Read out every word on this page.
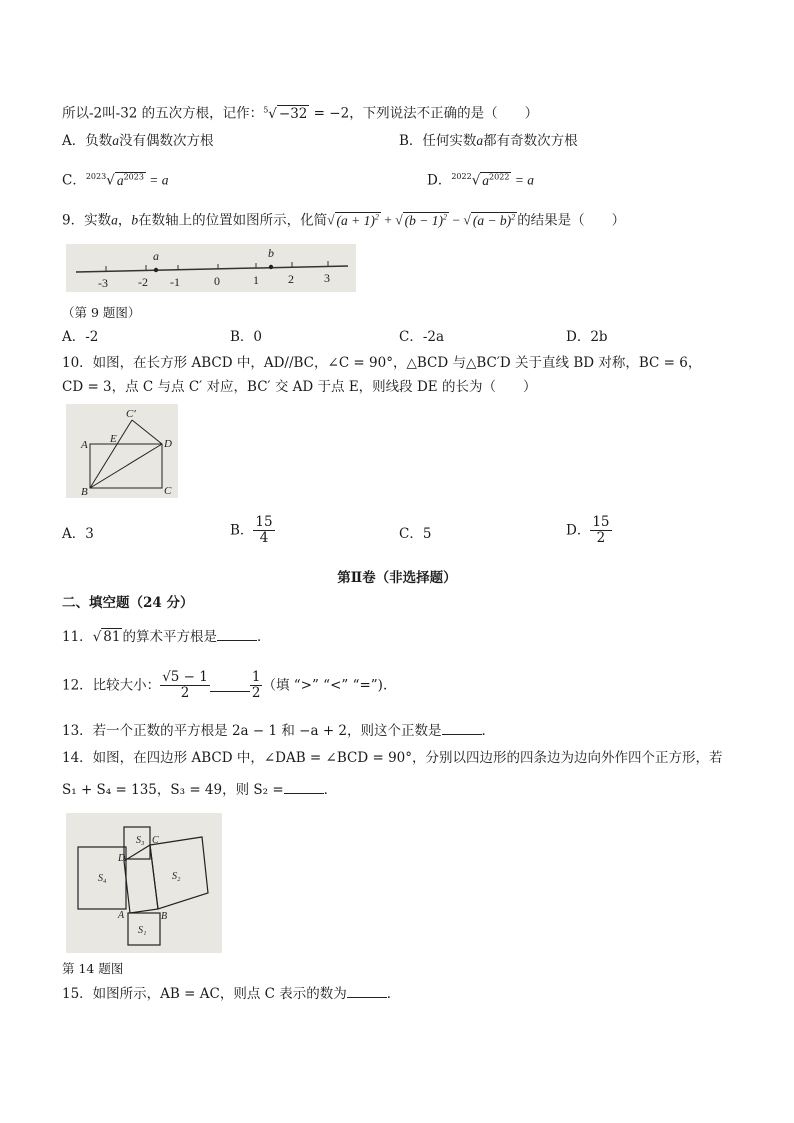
所以-2叫-32 的五次方根，记作：$^5$√ −32 = −2，下列说法不正确的是（　　）
A．负数a没有偶数次方根	B．任何实数a都有奇数次方根
C．$^{2023}$√ $a^{2023} = a$	D．$^{2022}$√ $a^{2022} = a$
9．实数a，b在数轴上的位置如图所示，化简√ $(a + 1)^2$ + √ $(b - 1)^2$ − √ $(a - b)^2$ 的结果是（　　）
-3	-2 -1	0	1 2	3
a	b
（第 9 题图）
A．-2	B．0	C．-2a	D．2b
10．如图，在长方形 ABCD 中，AD//BC，∠C = 90°，△BCD 与△BC′D 关于直线 BD 对称，BC = 6，
CD = 3，点 C 与点 C′ 对应，BC′ 交 AD 于点 E，则线段 DE 的长为（　　）
C′
A E	D
B	C
A．3	B． $\frac{15}{4}$	C．5	D． $\frac{15}{2}$
第Ⅱ卷（非选择题）
二、填空题（24 分）
11．√ 81 的算术平方根是	．
12．比较大小： $\frac{√5 - 1}{2}$	$\frac{1}{2}$ （填 “>” “<” “=”).
13．若一个正数的平方根是 2a − 1 和 −a + 2，则这个正数是	．
14．如图，在四边形 ABCD 中，∠DAB = ∠BCD = 90°，分别以四边形的四条边为边向外作四个正方形，若
S₁ + S₄ = 135，S₃ = 49，则 S₂ =	．
S₃ C
D
S₄	S₂
A	B
S₁
第 14 题图
15．如图所示，AB = AC，则点 C 表示的数为	．
